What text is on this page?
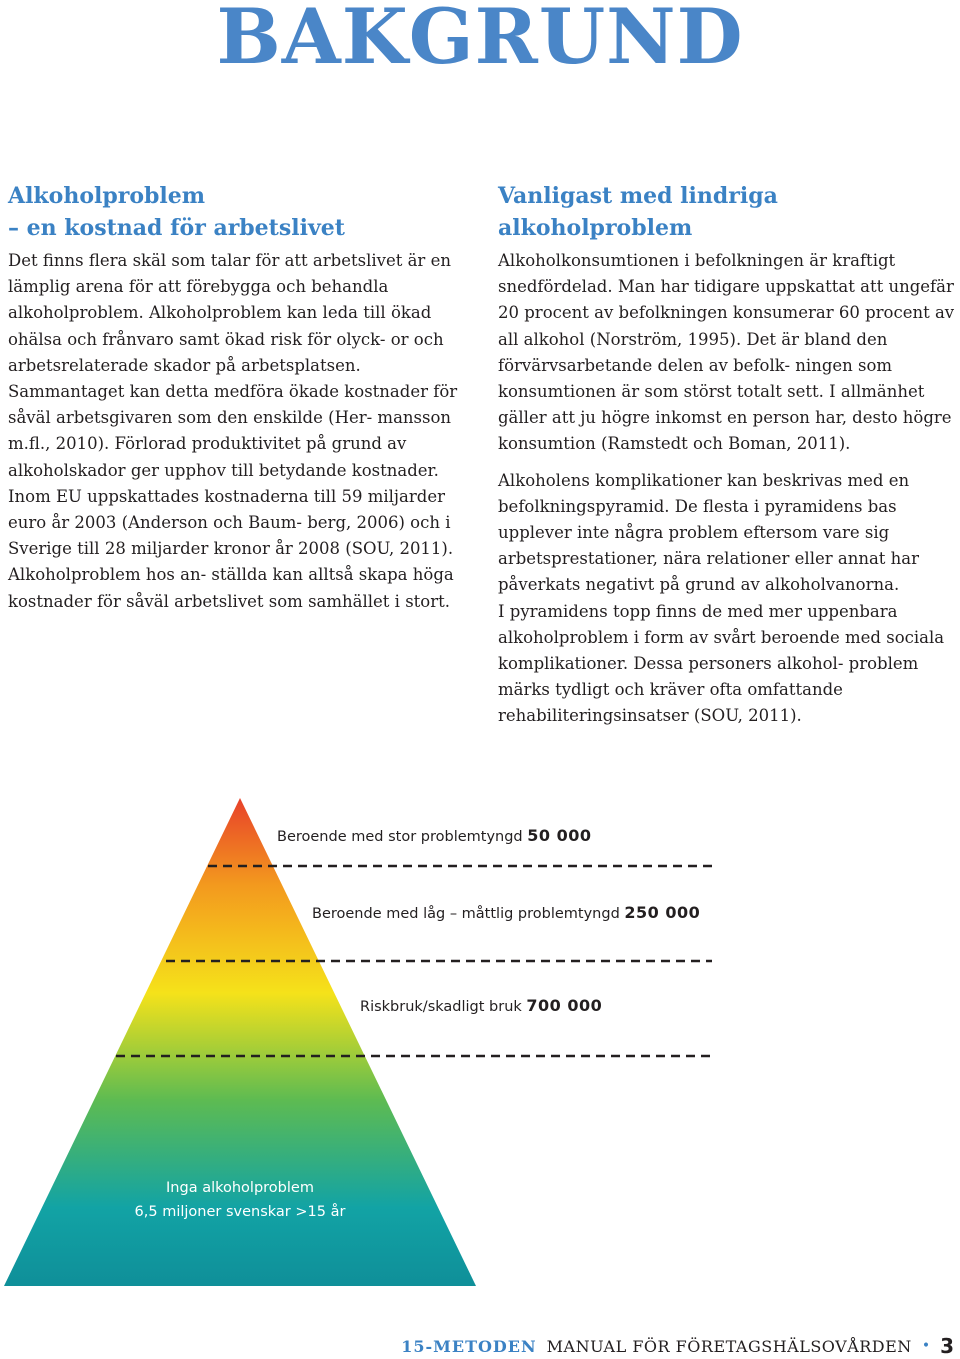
BAKGRUND
Alkoholproblem
– en kostnad för arbetslivet

Det finns flera skäl som talar för att arbetslivet är en lämplig arena för att förebygga och behandla alkoholproblem. Alkoholproblem kan leda till ökad ohälsa och frånvaro samt ökad risk för olyck- or och arbetsrelaterade skador på arbetsplatsen. Sammantaget kan detta medföra ökade kostnader för såväl arbetsgivaren som den enskilde (Her- mansson m.fl., 2010). Förlorad produktivitet på grund av alkoholskador ger upphov till betydande kostnader. Inom EU uppskattades kostnaderna till 59 miljarder euro år 2003 (Anderson och Baum- berg, 2006) och i Sverige till 28 miljarder kronor år 2008 (SOU, 2011). Alkoholproblem hos an- ställda kan alltså skapa höga kostnader för såväl arbetslivet som samhället i stort.

Vanligast med lindriga
alkoholproblem

Alkoholkonsumtionen i befolkningen är kraftigt snedfördelad. Man har tidigare uppskattat att ungefär 20 procent av befolkningen konsumerar 60 procent av all alkohol (Norström, 1995). Det är bland den förvärvsarbetande delen av befolk- ningen som konsumtionen är som störst totalt sett. I allmänhet gäller att ju högre inkomst en person har, desto högre konsumtion (Ramstedt och Boman, 2011).

Alkoholens komplikationer kan beskrivas med en befolkningspyramid. De flesta i pyramidens bas upplever inte några problem eftersom vare sig arbetsprestationer, nära relationer eller annat har påverkats negativt på grund av alkoholvanorna.

I pyramidens topp finns de med mer uppenbara alkoholproblem i form av svårt beroende med sociala komplikationer. Dessa personers alkohol- problem märks tydligt och kräver ofta omfattande rehabiliteringsinsatser (SOU, 2011).

Beroende med stor problemtyngd 50 000
Beroende med låg – måttlig problemtyngd 250 000
Riskbruk/skadligt bruk 700 000
Inga alkoholproblem
6,5 miljoner svenskar >15 år
15-METODEN MANUAL FÖR FÖRETAGSHÄLSOVÅRDEN • 3
